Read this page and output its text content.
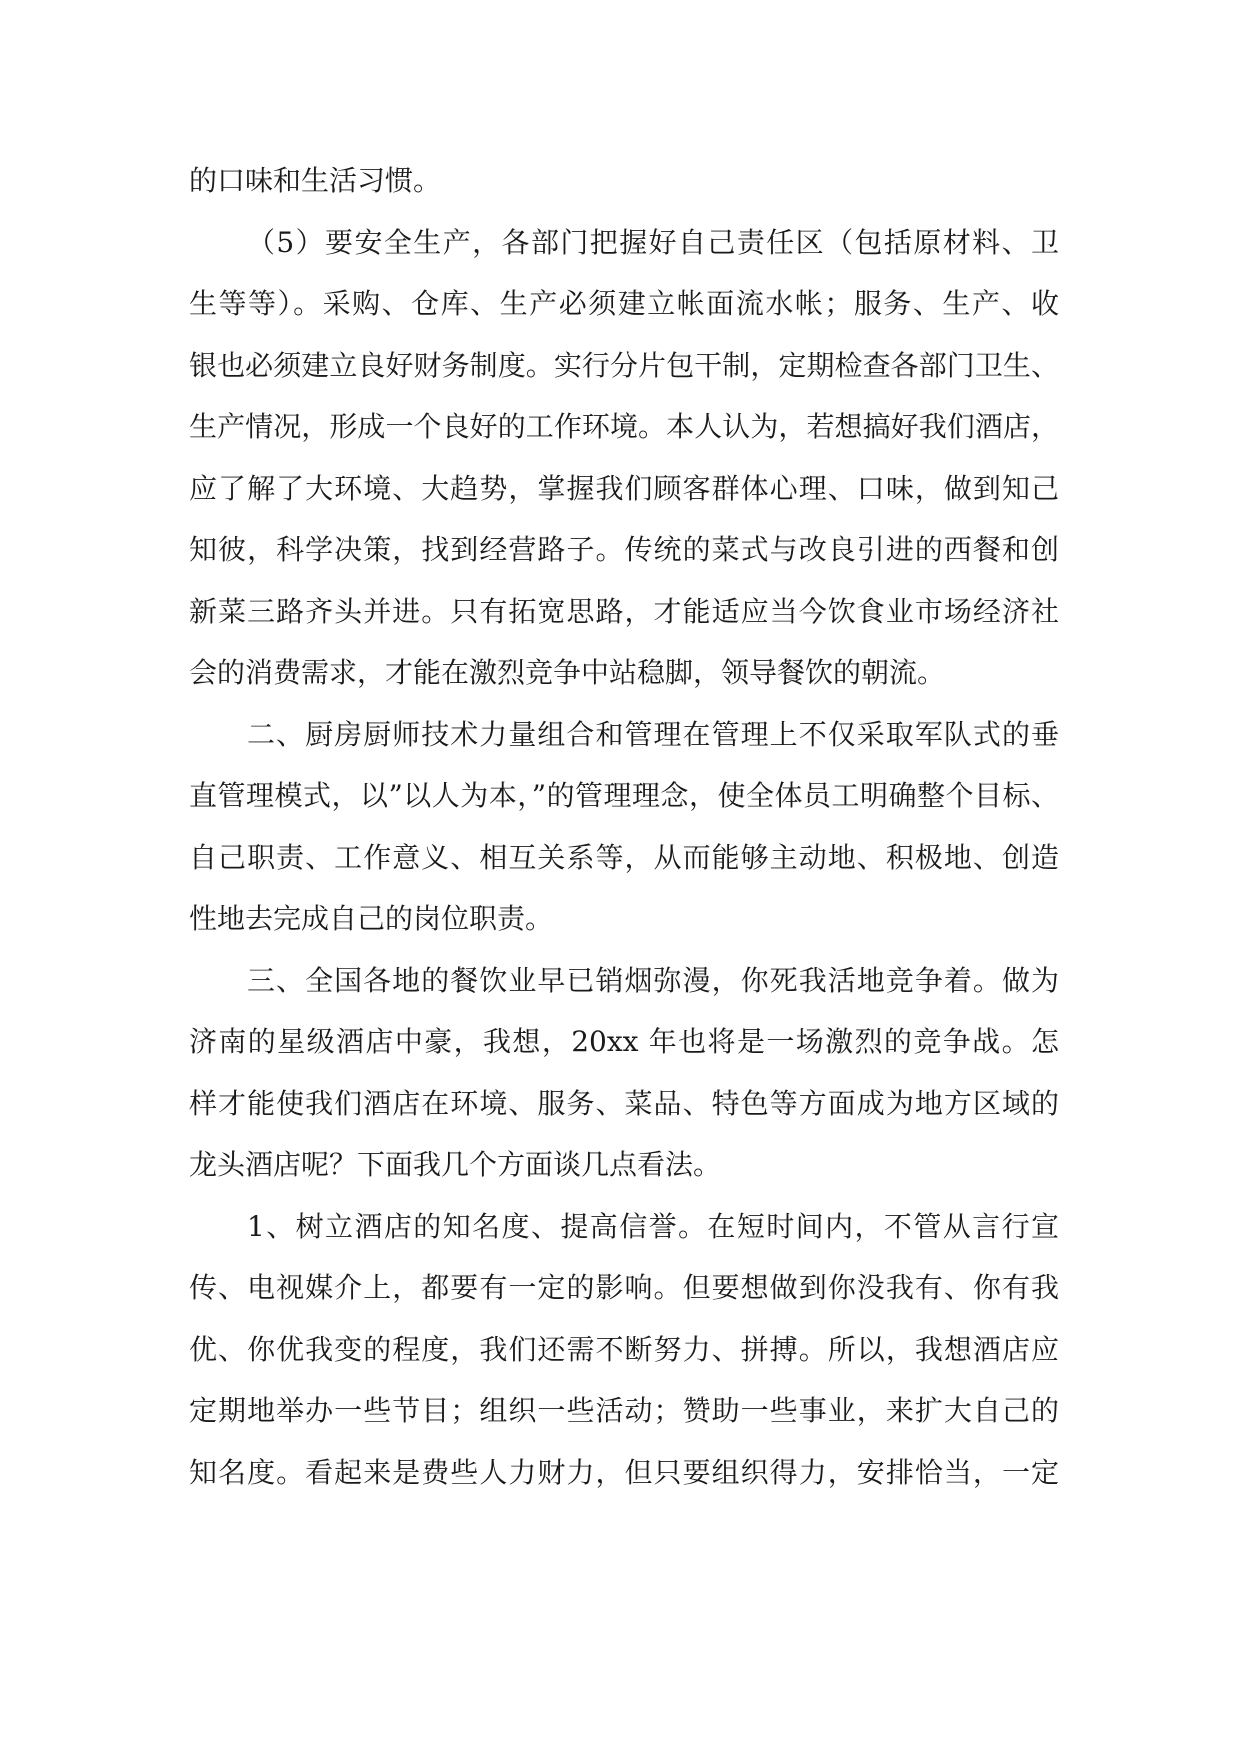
的口味和生活习惯。
（5）要安全生产，各部门把握好自己责任区（包括原材料、卫
生等等）。采购、仓库、生产必须建立帐面流水帐；服务、生产、收
银也必须建立良好财务制度。实行分片包干制，定期检查各部门卫生、
生产情况，形成一个良好的工作环境。本人认为，若想搞好我们酒店，
应了解了大环境、大趋势，掌握我们顾客群体心理、口味，做到知己
知彼，科学决策，找到经营路子。传统的菜式与改良引进的西餐和创
新菜三路齐头并进。只有拓宽思路，才能适应当今饮食业市场经济社
会的消费需求，才能在激烈竞争中站稳脚，领导餐饮的朝流。
二、厨房厨师技术力量组合和管理在管理上不仅采取军队式的垂
直管理模式，以”以人为本，”的管理理念，使全体员工明确整个目标、
自己职责、工作意义、相互关系等，从而能够主动地、积极地、创造
性地去完成自己的岗位职责。
三、全国各地的餐饮业早已销烟弥漫，你死我活地竞争着。做为
济南的星级酒店中豪，我想，20xx 年也将是一场激烈的竞争战。怎
样才能使我们酒店在环境、服务、菜品、特色等方面成为地方区域的
龙头酒店呢？下面我几个方面谈几点看法。
1、树立酒店的知名度、提高信誉。在短时间内，不管从言行宣
传、电视媒介上，都要有一定的影响。但要想做到你没我有、你有我
优、你优我变的程度，我们还需不断努力、拼搏。所以，我想酒店应
定期地举办一些节目；组织一些活动；赞助一些事业，来扩大自己的
知名度。看起来是费些人力财力，但只要组织得力，安排恰当，一定
